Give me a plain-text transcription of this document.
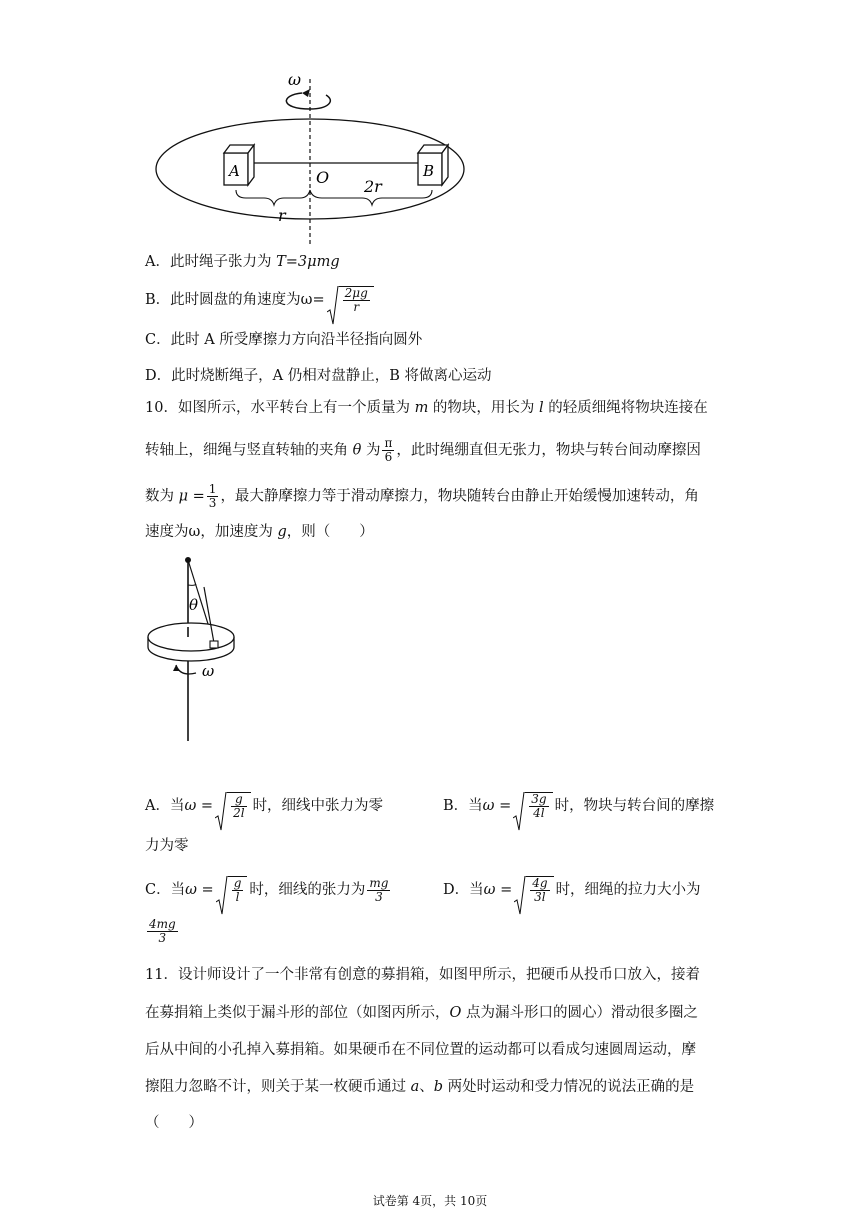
ω
A	B
O 2r
r
A．此时绳子张力为 T=3μmg
B．此时圆盘的角速度为$\omega= \frac{2\mu g}{r}$
C．此时 A 所受摩擦力方向沿半径指向圆外
D．此时烧断绳子，A 仍相对盘静止，B 将做离心运动
10．如图所示，水平转台上有一个质量为 m 的物块，用长为 l 的轻质细绳将物块连接在
转轴上，细绳与竖直转轴的夹角 θ 为 $\frac{\pi}{6}$ ，此时绳绷直但无张力，物块与转台间动摩擦因
数为 $\mu = \frac{1}{3}$ ，最大静摩擦力等于滑动摩擦力，物块随转台由静止开始缓慢加速转动，角
速度为ω，加速度为 g，则（　　）
θ
ω
A．当$\omega = \frac{g}{2l}$ 时，细线中张力为零	B．当$\omega = \frac{3g}{4l}$ 时，物块与转台间的摩擦
力为零
C．当$\omega = \frac{g}{l}$ 时，细线的张力为 $\frac{mg}{3}$	D．当$\omega = \frac{4g}{3l}$ 时，细绳的拉力大小为
$\frac{4mg}{3}$
11．设计师设计了一个非常有创意的募捐箱，如图甲所示，把硬币从投币口放入，接着
在募捐箱上类似于漏斗形的部位（如图丙所示，O 点为漏斗形口的圆心）滑动很多圈之
后从中间的小孔掉入募捐箱。如果硬币在不同位置的运动都可以看成匀速圆周运动，摩
擦阻力忽略不计，则关于某一枚硬币通过 a、b 两处时运动和受力情况的说法正确的是
（　　）
试卷第 4页，共 10页
